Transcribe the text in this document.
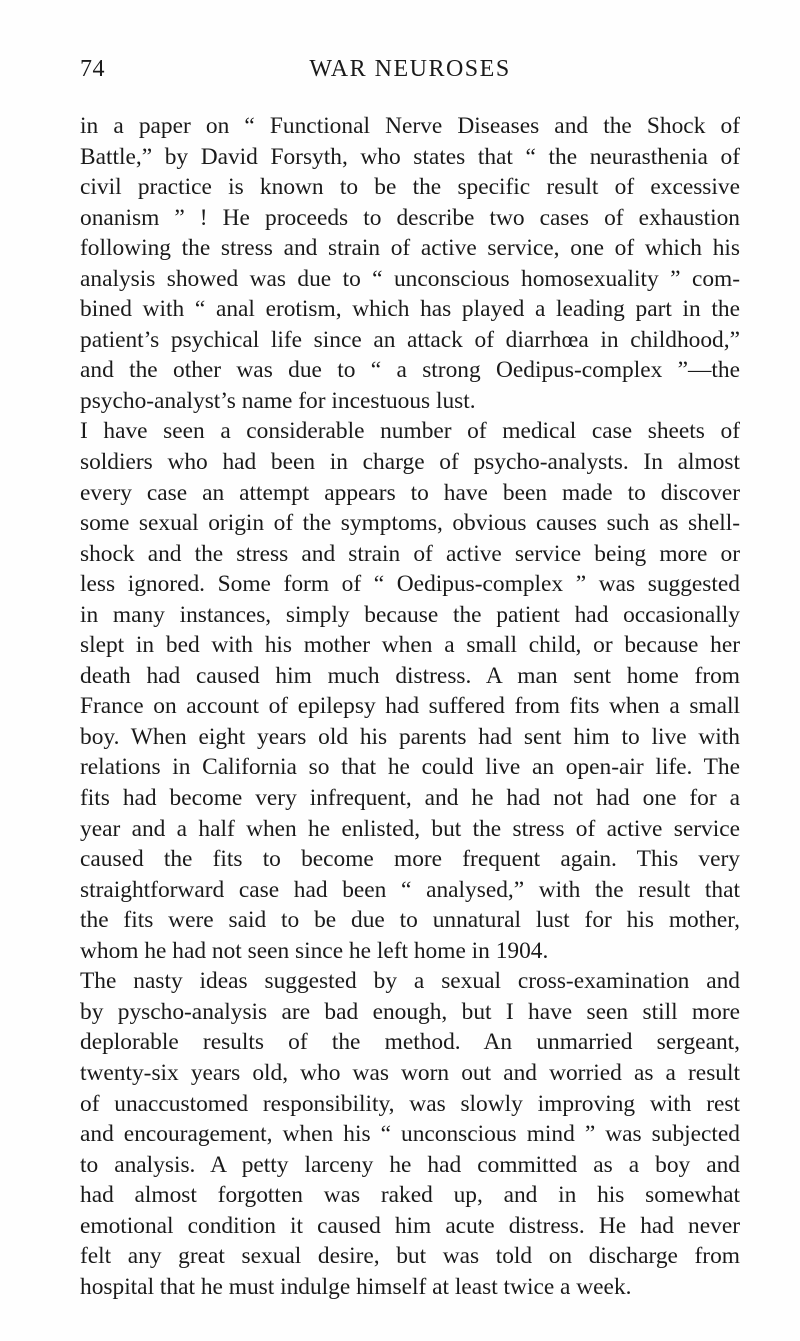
74	WAR NEUROSES
in a paper on “ Functional Nerve Diseases and the Shock of
Battle,” by David Forsyth, who states that “ the neurasthenia of
civil practice is known to be the specific result of excessive
onanism ” ! He proceeds to describe two cases of exhaustion
following the stress and strain of active service, one of which his
analysis showed was due to “ unconscious homosexuality ” com-
bined with “ anal erotism, which has played a leading part in the
patient’s psychical life since an attack of diarrhœa in childhood,”
and the other was due to “ a strong Oedipus-complex ”—the
psycho-analyst’s name for incestuous lust.
I have seen a considerable number of medical case sheets of
soldiers who had been in charge of psycho-analysts. In almost
every case an attempt appears to have been made to discover
some sexual origin of the symptoms, obvious causes such as shell-
shock and the stress and strain of active service being more or
less ignored. Some form of “ Oedipus-complex ” was suggested
in many instances, simply because the patient had occasionally
slept in bed with his mother when a small child, or because her
death had caused him much distress. A man sent home from
France on account of epilepsy had suffered from fits when a small
boy. When eight years old his parents had sent him to live with
relations in California so that he could live an open-air life. The
fits had become very infrequent, and he had not had one for a
year and a half when he enlisted, but the stress of active service
caused the fits to become more frequent again. This very
straightforward case had been “ analysed,” with the result that
the fits were said to be due to unnatural lust for his mother,
whom he had not seen since he left home in 1904.
The nasty ideas suggested by a sexual cross-examination and
by pyscho-analysis are bad enough, but I have seen still more
deplorable results of the method. An unmarried sergeant,
twenty-six years old, who was worn out and worried as a result
of unaccustomed responsibility, was slowly improving with rest
and encouragement, when his “ unconscious mind ” was subjected
to analysis. A petty larceny he had committed as a boy and
had almost forgotten was raked up, and in his somewhat
emotional condition it caused him acute distress. He had never
felt any great sexual desire, but was told on discharge from
hospital that he must indulge himself at least twice a week.
